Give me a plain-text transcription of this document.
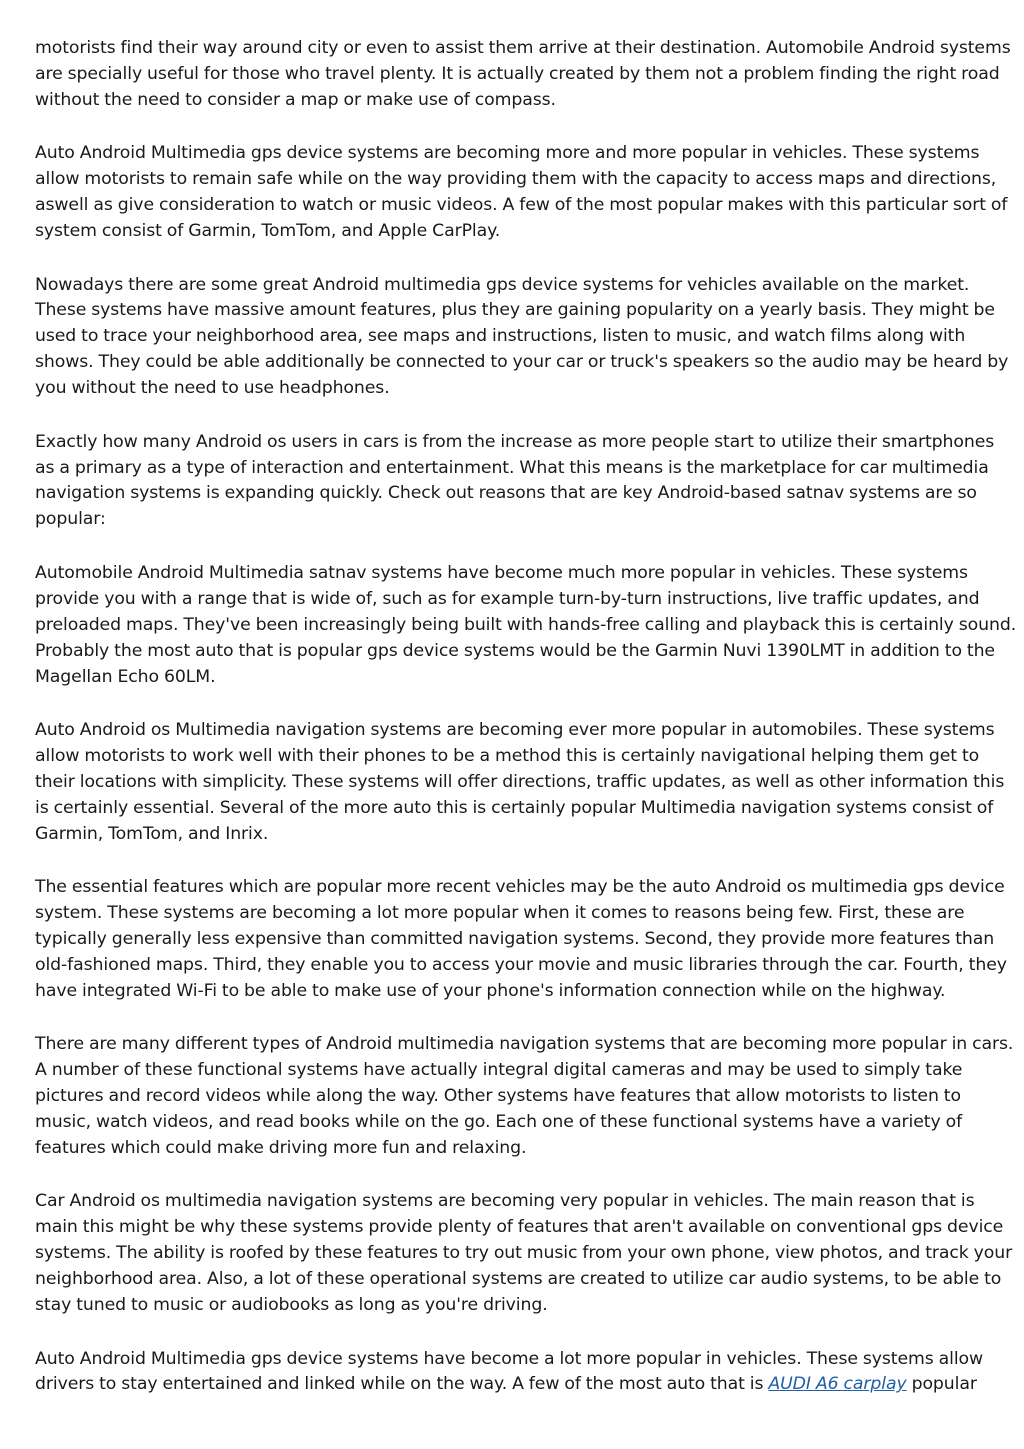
motorists find their way around city or even to assist them arrive at their destination. Automobile Android systems
are specially useful for those who travel plenty. It is actually created by them not a problem finding the right road
without the need to consider a map or make use of compass.

Auto Android Multimedia gps device systems are becoming more and more popular in vehicles. These systems
allow motorists to remain safe while on the way providing them with the capacity to access maps and directions,
aswell as give consideration to watch or music videos. A few of the most popular makes with this particular sort of
system consist of Garmin, TomTom, and Apple CarPlay.

Nowadays there are some great Android multimedia gps device systems for vehicles available on the market.
These systems have massive amount features, plus they are gaining popularity on a yearly basis. They might be
used to trace your neighborhood area, see maps and instructions, listen to music, and watch films along with
shows. They could be able additionally be connected to your car or truck's speakers so the audio may be heard by
you without the need to use headphones.

Exactly how many Android os users in cars is from the increase as more people start to utilize their smartphones
as a primary as a type of interaction and entertainment. What this means is the marketplace for car multimedia
navigation systems is expanding quickly. Check out reasons that are key Android-based satnav systems are so
popular:

Automobile Android Multimedia satnav systems have become much more popular in vehicles. These systems
provide you with a range that is wide of, such as for example turn-by-turn instructions, live traffic updates, and
preloaded maps. They've been increasingly being built with hands-free calling and playback this is certainly sound.
Probably the most auto that is popular gps device systems would be the Garmin Nuvi 1390LMT in addition to the
Magellan Echo 60LM.

Auto Android os Multimedia navigation systems are becoming ever more popular in automobiles. These systems
allow motorists to work well with their phones to be a method this is certainly navigational helping them get to
their locations with simplicity. These systems will offer directions, traffic updates, as well as other information this
is certainly essential. Several of the more auto this is certainly popular Multimedia navigation systems consist of
Garmin, TomTom, and Inrix.

The essential features which are popular more recent vehicles may be the auto Android os multimedia gps device
system. These systems are becoming a lot more popular when it comes to reasons being few. First, these are
typically generally less expensive than committed navigation systems. Second, they provide more features than
old-fashioned maps. Third, they enable you to access your movie and music libraries through the car. Fourth, they
have integrated Wi-Fi to be able to make use of your phone's information connection while on the highway.

There are many different types of Android multimedia navigation systems that are becoming more popular in cars.
A number of these functional systems have actually integral digital cameras and may be used to simply take
pictures and record videos while along the way. Other systems have features that allow motorists to listen to
music, watch videos, and read books while on the go. Each one of these functional systems have a variety of
features which could make driving more fun and relaxing.

Car Android os multimedia navigation systems are becoming very popular in vehicles. The main reason that is
main this might be why these systems provide plenty of features that aren't available on conventional gps device
systems. The ability is roofed by these features to try out music from your own phone, view photos, and track your
neighborhood area. Also, a lot of these operational systems are created to utilize car audio systems, to be able to
stay tuned to music or audiobooks as long as you're driving.

Auto Android Multimedia gps device systems have become a lot more popular in vehicles. These systems allow
drivers to stay entertained and linked while on the way. A few of the most auto that is AUDI A6 carplay popular
